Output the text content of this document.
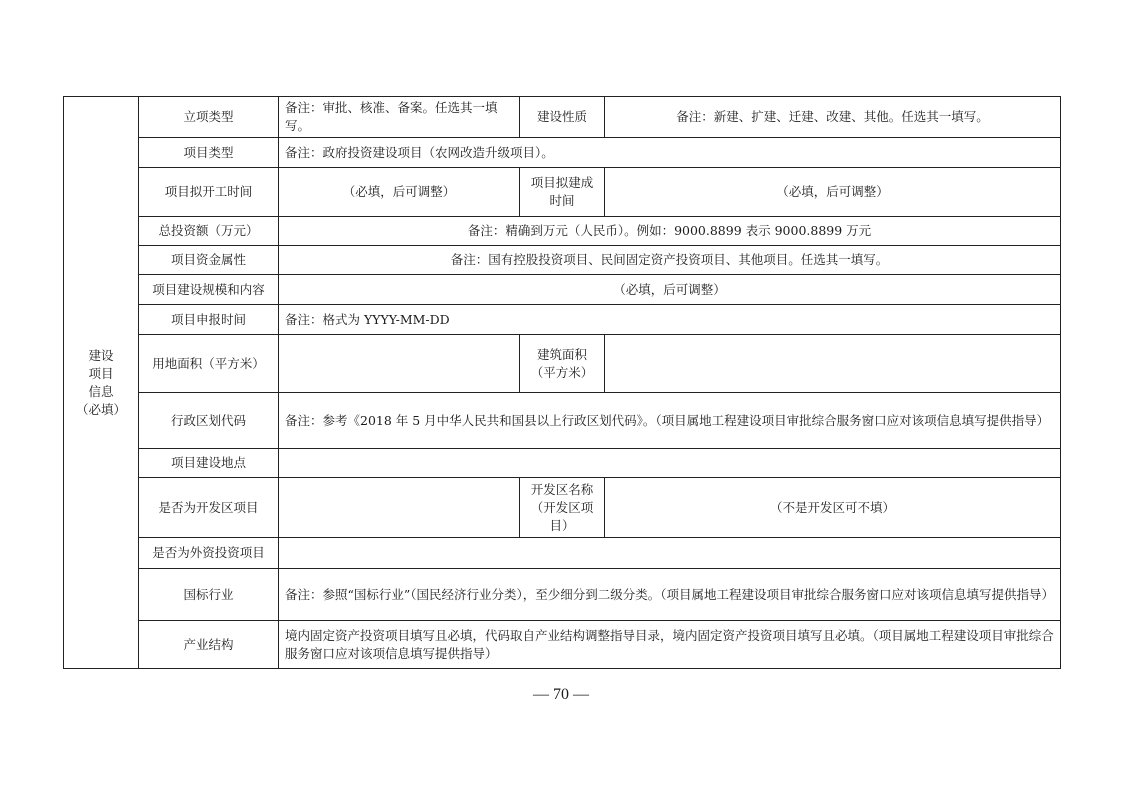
建设
项目
信息
（必填）	立项类型	备注：审批、核准、备案。任选其一填写。	建设性质	备注：新建、扩建、迁建、改建、其他。任选其一填写。
	项目类型	备注：政府投资建设项目（农网改造升级项目）。		
	项目拟开工时间	（必填，后可调整）	项目拟建成
时间	（必填，后可调整）
	总投资额（万元）	备注：精确到万元（人民币）。例如：9000.8899 表示 9000.8899 万元		
	项目资金属性	备注：国有控股投资项目、民间固定资产投资项目、其他项目。任选其一填写。		
	项目建设规模和内容	（必填，后可调整）		
	项目申报时间	备注：格式为 YYYY-MM-DD		
	用地面积（平方米）		建筑面积
（平方米）	

	行政区划代码	备注：参考《2018 年 5 月中华人民共和国县以上行政区划代码》。（项目属地工程建设项目审批综合服务窗口应对该项信息填写提供指导）		
	项目建设地点			
	是否为开发区项目		开发区名称
（开发区项
目）	（不是开发区可不填）
	是否为外资投资项目			
	国标行业	备注：参照“国标行业”（国民经济行业分类），至少细分到二级分类。（项目属地工程建设项目审批综合服务窗口应对该项信息填写提供指导）		
	产业结构	境内固定资产投资项目填写且必填，代码取自产业结构调整指导目录，境内固定资产投资项目填写且必填。（项目属地工程建设项目审批综合服务窗口应对该项信息填写提供指导）		
— 70 —
